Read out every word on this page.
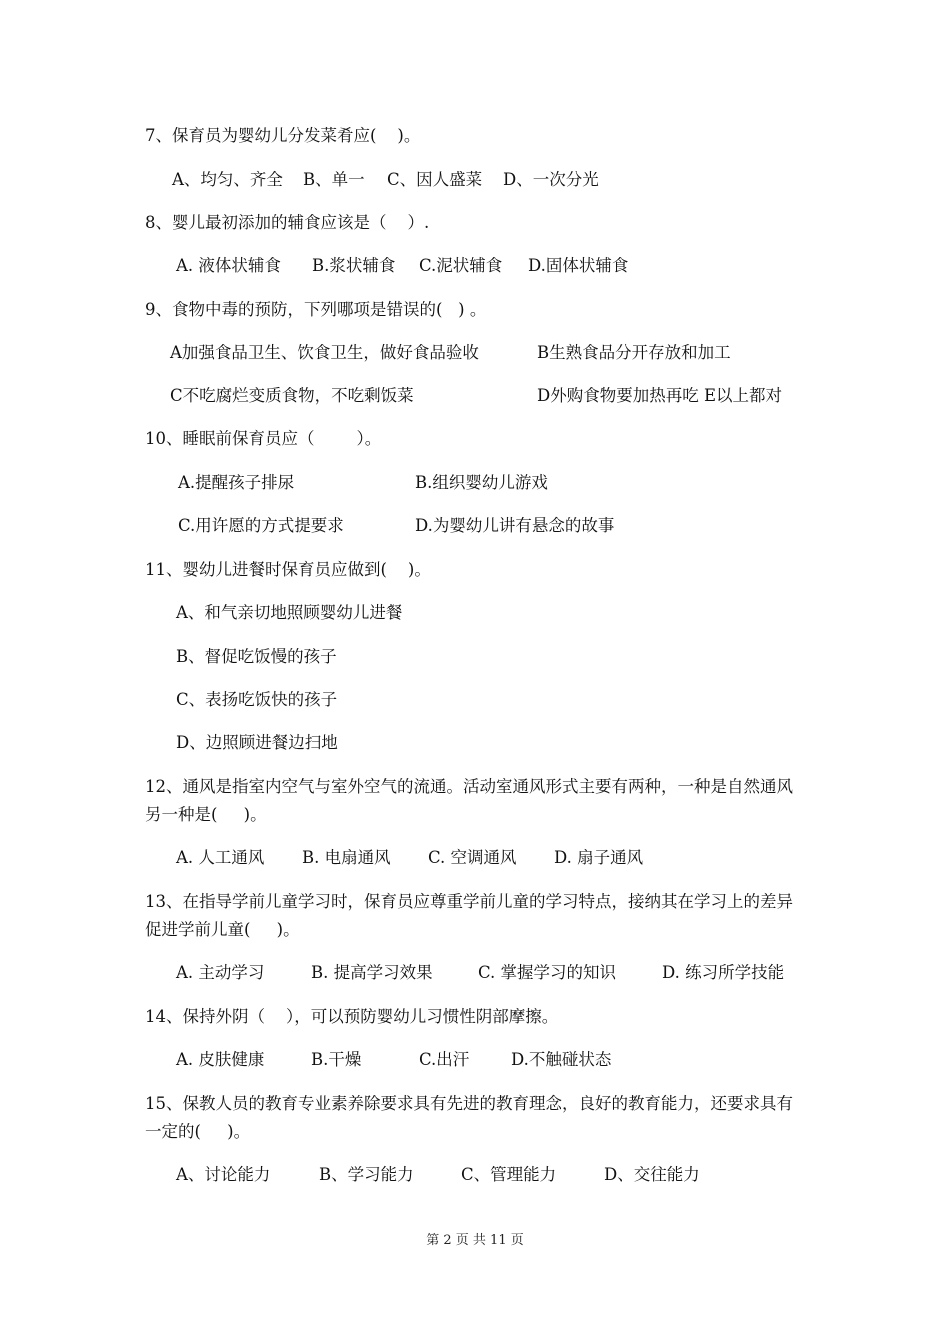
7、保育员为婴幼儿分发菜肴应(    )。
A、均匀、齐全 B、单一 C、因人盛菜 D、一次分光
8、婴儿最初添加的辅食应该是（    ）.
A. 液体状辅食 B.浆状辅食 C.泥状辅食 D.固体状辅食
9、食物中毒的预防，下列哪项是错误的(   ) 。
A加强食品卫生、饮食卫生，做好食品验收	B生熟食品分开存放和加工
C不吃腐烂变质食物，不吃剩饭菜	D外购食物要加热再吃 E以上都对
10、睡眠前保育员应（        ）。
A.提醒孩子排尿	B.组织婴幼儿游戏
C.用许愿的方式提要求	D.为婴幼儿讲有悬念的故事
11、婴幼儿进餐时保育员应做到(    )。
A、和气亲切地照顾婴幼儿进餐
B、督促吃饭慢的孩子
C、表扬吃饭快的孩子
D、边照顾进餐边扫地
12、通风是指室内空气与室外空气的流通。活动室通风形式主要有两种，一种是自然通风
另一种是(     )。
A. 人工通风 B. 电扇通风 C. 空调通风 D. 扇子通风
13、在指导学前儿童学习时，保育员应尊重学前儿童的学习特点，接纳其在学习上的差异
促进学前儿童(     )。
A. 主动学习	B. 提高学习效果	C. 掌握学习的知识	D. 练习所学技能
14、保持外阴（    ），可以预防婴幼儿习惯性阴部摩擦。
A. 皮肤健康	B.干燥	C.出汗	D.不触碰状态
15、保教人员的教育专业素养除要求具有先进的教育理念，良好的教育能力，还要求具有
一定的(     )。
A、讨论能力	B、学习能力	C、管理能力	D、交往能力
第 2 页 共 11 页
